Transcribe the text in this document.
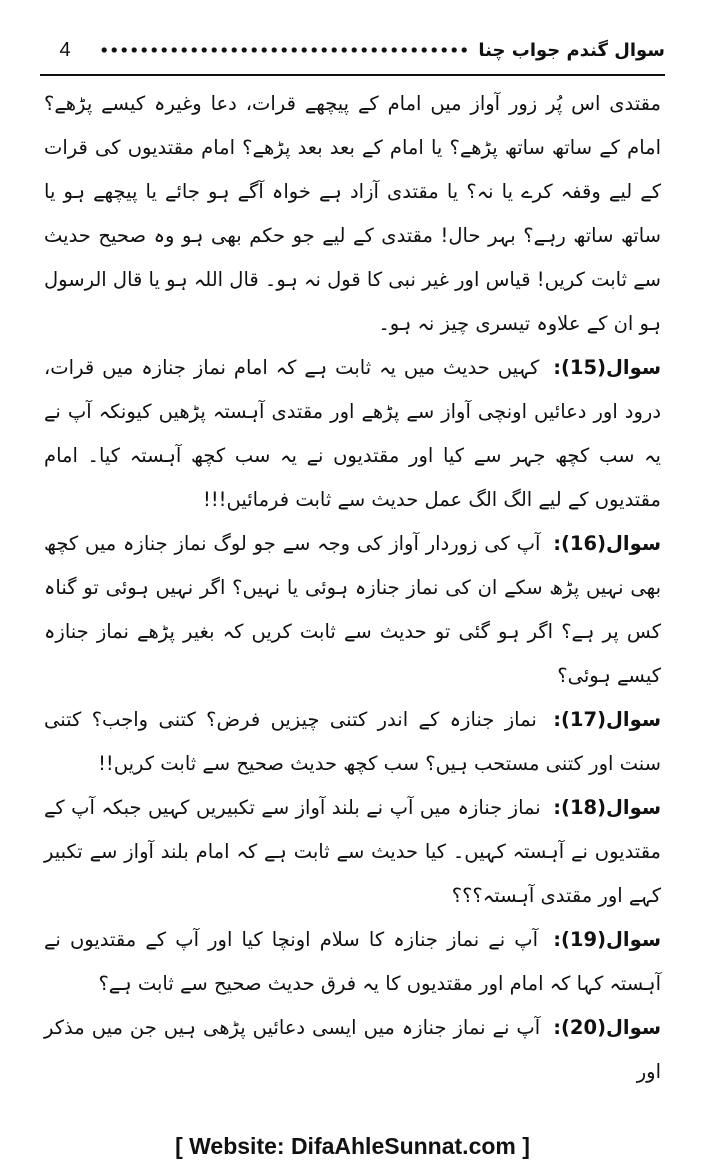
4	سوال گندم جواب چنا

مقتدی اس پُر زور آواز میں امام کے پیچھے قرات، دعا وغیرہ کیسے پڑھے؟ امام کے ساتھ ساتھ پڑھے؟ یا امام کے بعد بعد پڑھے؟ امام مقتدیوں کی قرات کے لیے وقفہ کرے یا نہ؟ یا مقتدی آزاد ہے خواہ آگے ہو جائے یا پیچھے ہو یا ساتھ ساتھ رہے؟ بہر حال! مقتدی کے لیے جو حکم بھی ہو وہ صحیح حدیث سے ثابت کریں! قیاس اور غیر نبی کا قول نہ ہو۔ قال اللہ ہو یا قال الرسول ہو ان کے علاوہ تیسری چیز نہ ہو۔

سوال(15): کہیں حدیث میں یہ ثابت ہے کہ امام نماز جنازہ میں قرات، درود اور دعائیں اونچی آواز سے پڑھے اور مقتدی آہستہ پڑھیں کیونکہ آپ نے یہ سب کچھ جہر سے کیا اور مقتدیوں نے یہ سب کچھ آہستہ کیا۔ امام مقتدیوں کے لیے الگ الگ عمل حدیث سے ثابت فرمائیں!!!

سوال(16): آپ کی زوردار آواز کی وجہ سے جو لوگ نماز جنازہ میں کچھ بھی نہیں پڑھ سکے ان کی نماز جنازہ ہوئی یا نہیں؟ اگر نہیں ہوئی تو گناہ کس پر ہے؟ اگر ہو گئی تو حدیث سے ثابت کریں کہ بغیر پڑھے نماز جنازہ کیسے ہوئی؟

سوال(17): نماز جنازہ کے اندر کتنی چیزیں فرض؟ کتنی واجب؟ کتنی سنت اور کتنی مستحب ہیں؟ سب کچھ حدیث صحیح سے ثابت کریں!!

سوال(18): نماز جنازہ میں آپ نے بلند آواز سے تکبیریں کہیں جبکہ آپ کے مقتدیوں نے آہستہ کہیں۔ کیا حدیث سے ثابت ہے کہ امام بلند آواز سے تکبیر کہے اور مقتدی آہستہ؟؟؟

سوال(19): آپ نے نماز جنازہ کا سلام اونچا کیا اور آپ کے مقتدیوں نے آہستہ کہا کہ امام اور مقتدیوں کا یہ فرق حدیث صحیح سے ثابت ہے؟

سوال(20): آپ نے نماز جنازہ میں ایسی دعائیں پڑھی ہیں جن میں مذکر اور

[ Website: DifaAhleSunnat.com ]
